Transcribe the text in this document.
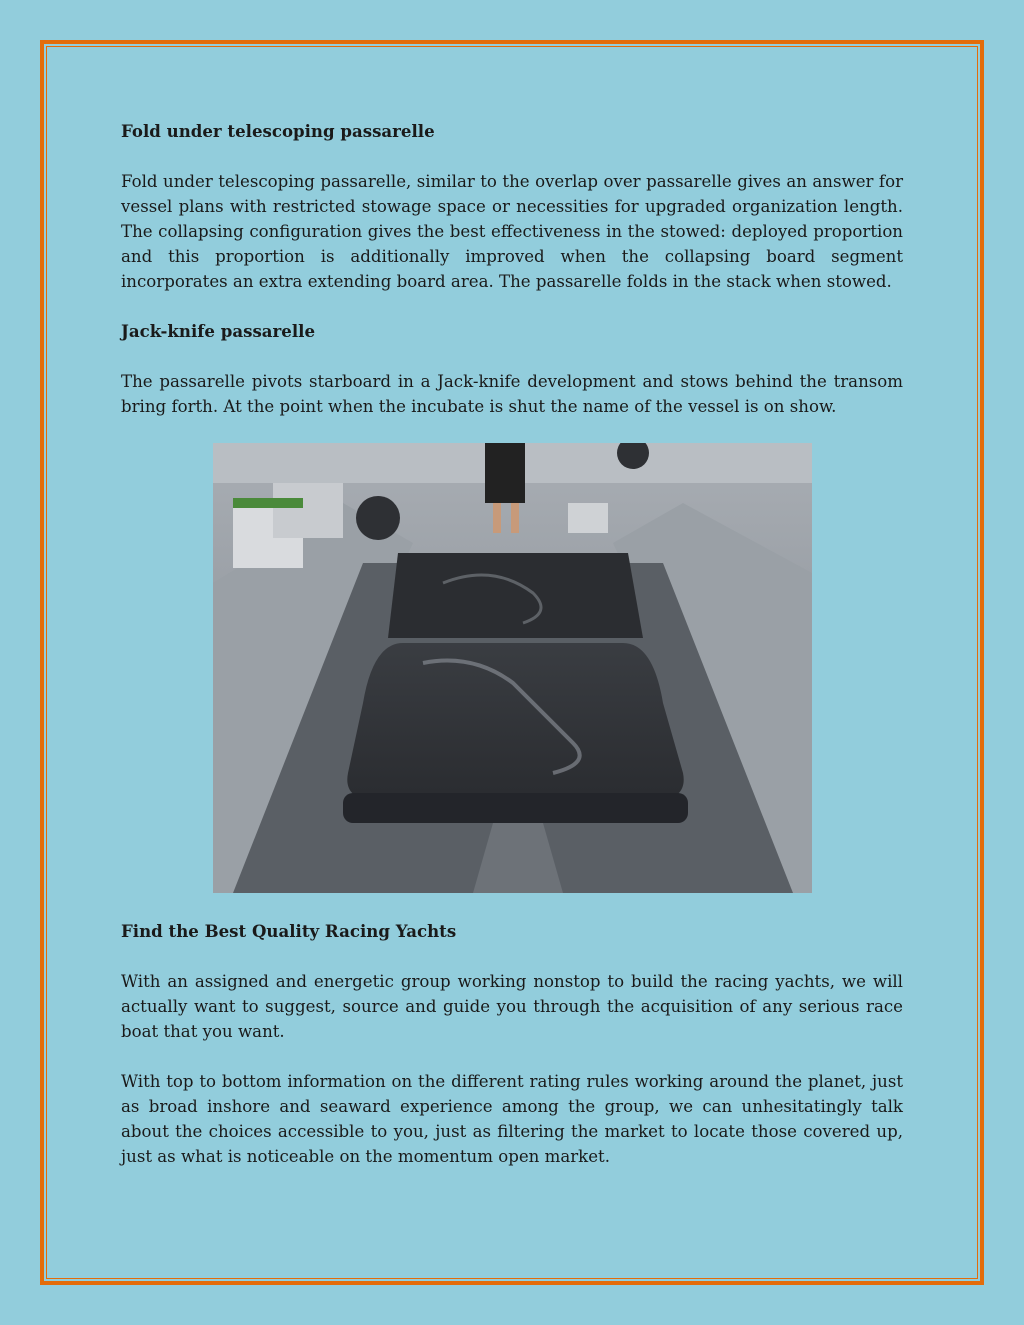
Fold under telescoping passarelle

Fold under telescoping passarelle, similar to the overlap over passarelle gives an answer for vessel plans with restricted stowage space or necessities for upgraded organization length. The collapsing configuration gives the best effectiveness in the stowed: deployed proportion and this proportion is additionally improved when the collapsing board segment incorporates an extra extending board area. The passarelle folds in the stack when stowed.

Jack-knife passarelle

The passarelle pivots starboard in a Jack-knife development and stows behind the transom bring forth. At the point when the incubate is shut the name of the vessel is on show.

Find the Best Quality Racing Yachts

With an assigned and energetic group working nonstop to build the racing yachts, we will actually want to suggest, source and guide you through the acquisition of any serious race boat that you want.

With top to bottom information on the different rating rules working around the planet, just as broad inshore and seaward experience among the group, we can unhesitatingly talk about the choices accessible to you, just as filtering the market to locate those covered up, just as what is noticeable on the momentum open market.
